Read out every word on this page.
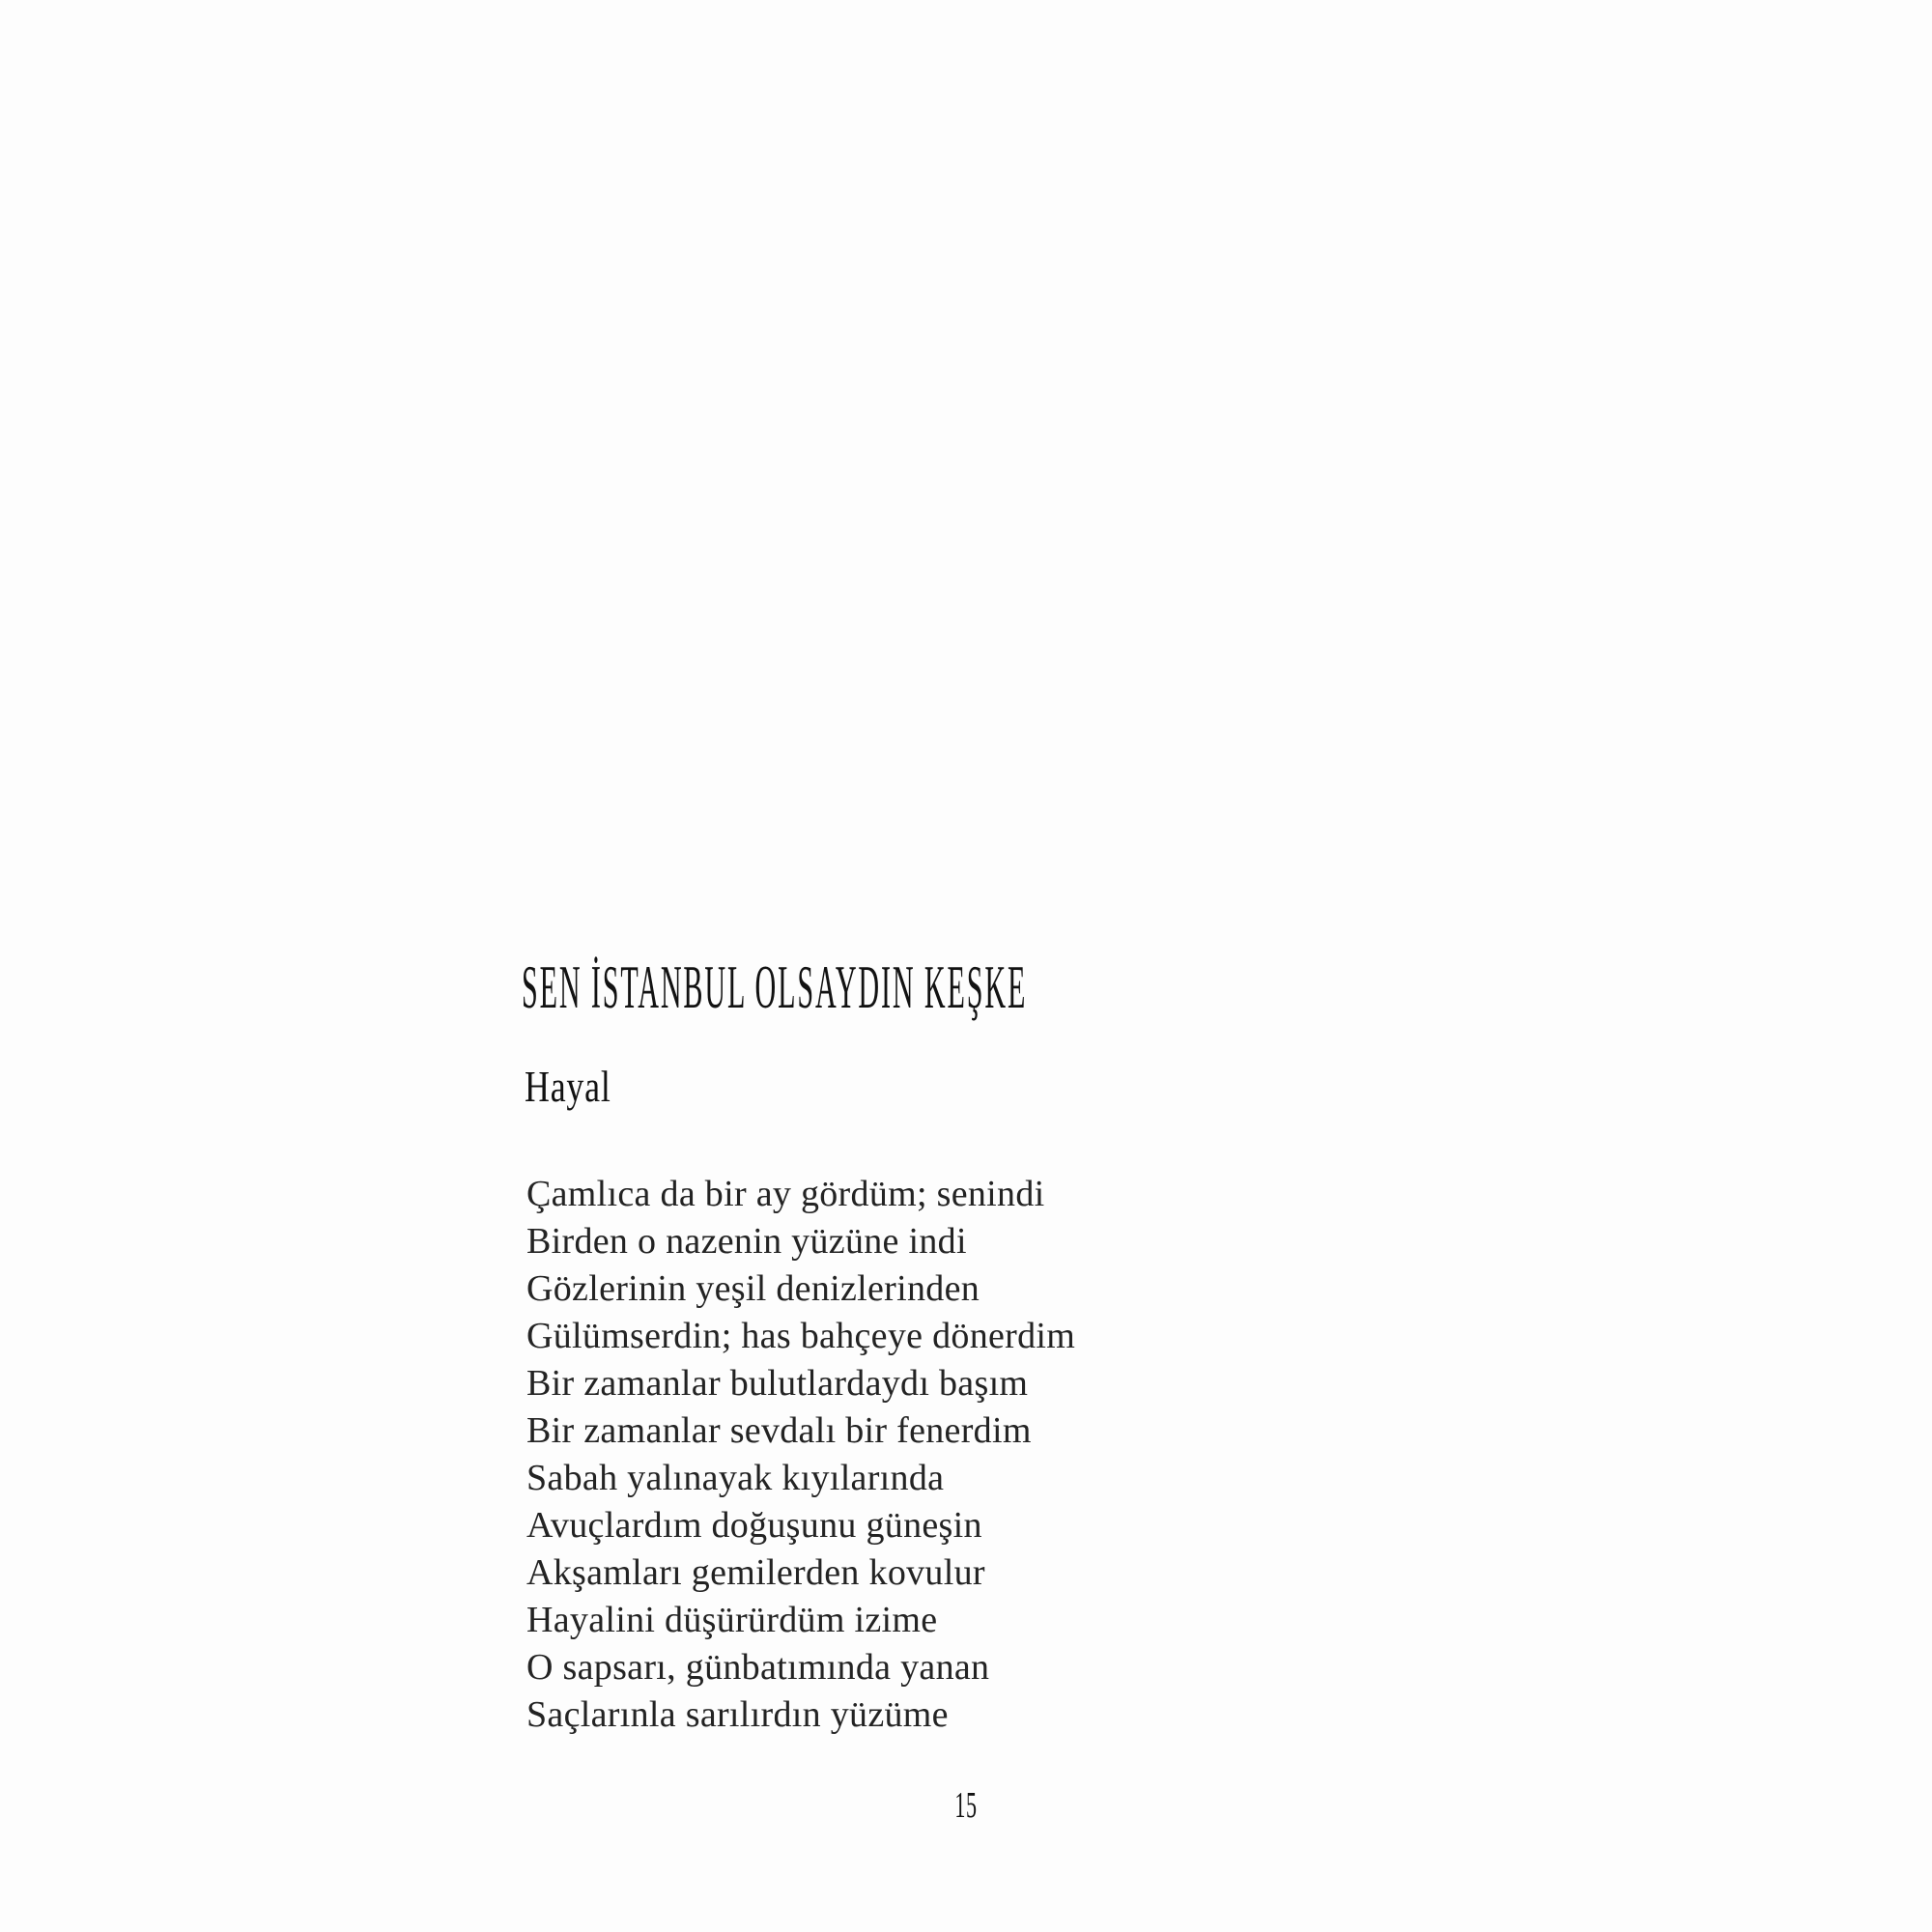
SEN İSTANBUL OLSAYDIN KEŞKE
Hayal
Çamlıca da bir ay gördüm; senindi
Birden o nazenin yüzüne indi
Gözlerinin yeşil denizlerinden
Gülümserdin; has bahçeye dönerdim
Bir zamanlar bulutlardaydı başım
Bir zamanlar sevdalı bir fenerdim
Sabah yalınayak kıyılarında
Avuçlardım doğuşunu güneşin
Akşamları gemilerden kovulur
Hayalini düşürürdüm izime
O sapsarı, günbatımında yanan
Saçlarınla sarılırdın yüzüme
15
